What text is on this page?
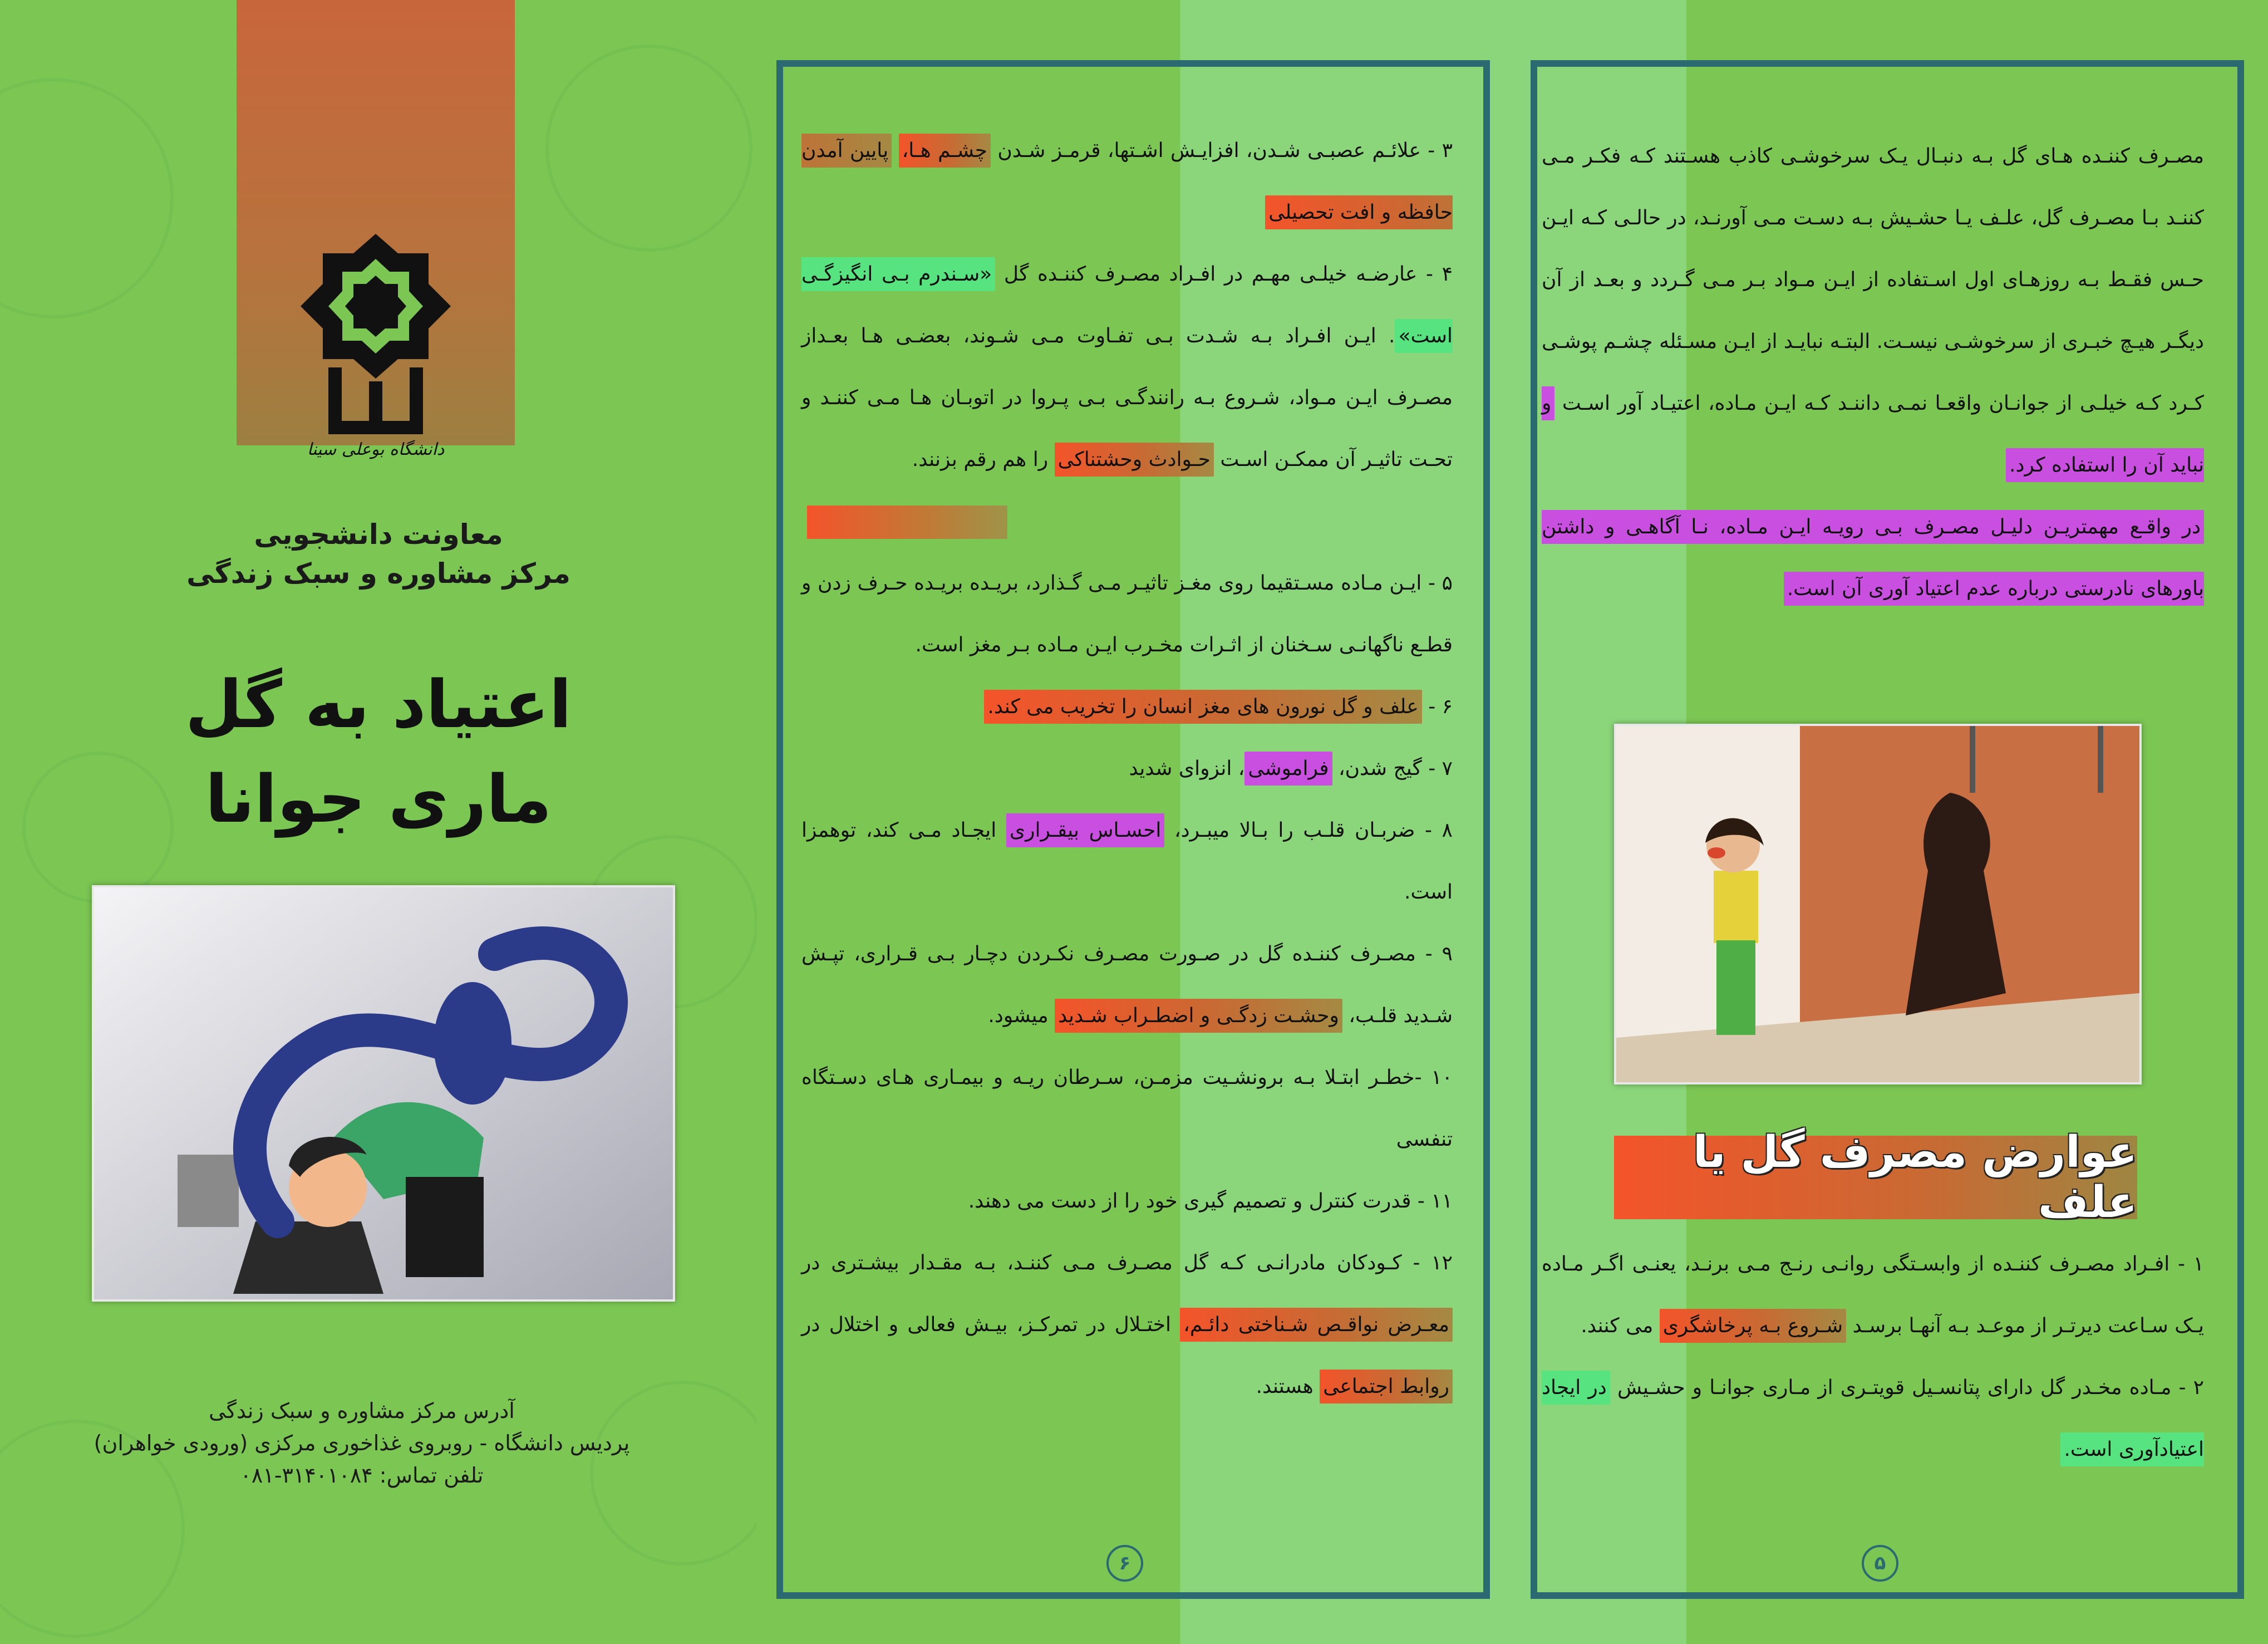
دانشگاه بوعلی سینا
معاونت دانشجویی
مرکز مشاوره و سبک زندگی
اعتیاد به گل
ماری جوانا
آدرس مرکز مشاوره و سبک زندگی
پردیس دانشگاه - روبروی غذاخوری مرکزی (ورودی خواهران)
تلفن تماس: ۳۱۴۰۱۰۸۴-۰۸۱

۳ - علائـم عصبـی شـدن، افزایـش اشـتها، قرمـز شـدن چشـم هـا، پایین آمدن حافظه و افت تحصیلی

۴ - عارضـه خیلـی مهـم در افـراد مصـرف کننـده گل «سـندرم بـی انگیزگـی است». ایـن افـراد بـه شـدت بـی تفـاوت مـی شـوند، بعضـی هـا بعـداز مصـرف ایـن مـواد، شـروع بـه رانندگـی بـی پـروا در اتوبـان هـا مـی کننـد و تحـت تاثیـر آن ممکـن اسـت حـوادث وحشتناکی را هم رقم بزنند.

۵ - ایـن مـاده مسـتقیما روی مغـز تاثیـر مـی گـذارد، بریـده بریـده حـرف زدن و قطـع ناگهانـی سـخنان از اثـرات مخـرب ایـن مـاده بـر مغز است.

۶ - علف و گل نورون های مغز انسان را تخریب می کند.

۷ - گیج شدن، فراموشی، انزوای شدید

۸ - ضربـان قلـب را بـالا میبـرد، احسـاس بیقـراری ایجـاد مـی کند، توهمزا است.

۹ - مصـرف کننـده گل در صـورت مصـرف نکـردن دچـار بـی قـراری، تپـش شـدید قلـب، وحشـت زدگـی و اضطـراب شـدید میشود.

۱۰ -خطـر ابتـلا بـه برونشـیت مزمـن، سـرطان ریـه و بیمـاری هـای دسـتگاه تنفسی

۱۱ - قدرت کنترل و تصمیم گیری خود را از دست می دهند.

۱۲ - کـودکان مادرانـی کـه گل مصـرف مـی کننـد، بـه مقـدار بیشـتری در معـرض نواقـص شـناختی دائـم، اختـلال در تمرکـز، بیـش فعالی و اختلال در روابط اجتماعی هستند.

۶

مصـرف کننـده هـای گل بـه دنبـال یـک سرخوشـی کاذب هسـتند کـه فکـر مـی کننـد بـا مصـرف گل، علـف یـا حشـیش بـه دسـت مـی آورنـد، در حالـی کـه ایـن حـس فقـط بـه روزهـای اول اسـتفاده از ایـن مـواد بـر مـی گـردد و بعـد از آن دیگـر هیـچ خبـری از سرخوشـی نیسـت. البتـه نبایـد از ایـن مسـئله چشـم پوشـی کـرد کـه خیلـی از جوانـان واقعـا نمـی داننـد کـه ایـن مـاده، اعتیـاد آور اسـت و نباید آن را استفاده کرد.

در واقـع مهمتریـن دلیـل مصـرف بـی رویـه ایـن مـاده، نـا آگاهـی و داشتن باورهای نادرستی درباره عدم اعتیاد آوری آن است.

عوارض مصرف گل یا علف

۱ - افـراد مصـرف کننـده از وابسـتگی روانـی رنـج مـی برنـد، یعنـی اگـر مـاده یـک سـاعت دیرتـر از موعـد بـه آنهـا برسـد شـروع بـه پرخاشگری می کنند.

۲ - مـاده مخـدر گل دارای پتانسـیل قویتـری از مـاری جوانـا و حشـیش در ایجاد اعتیادآوری است.

۵
